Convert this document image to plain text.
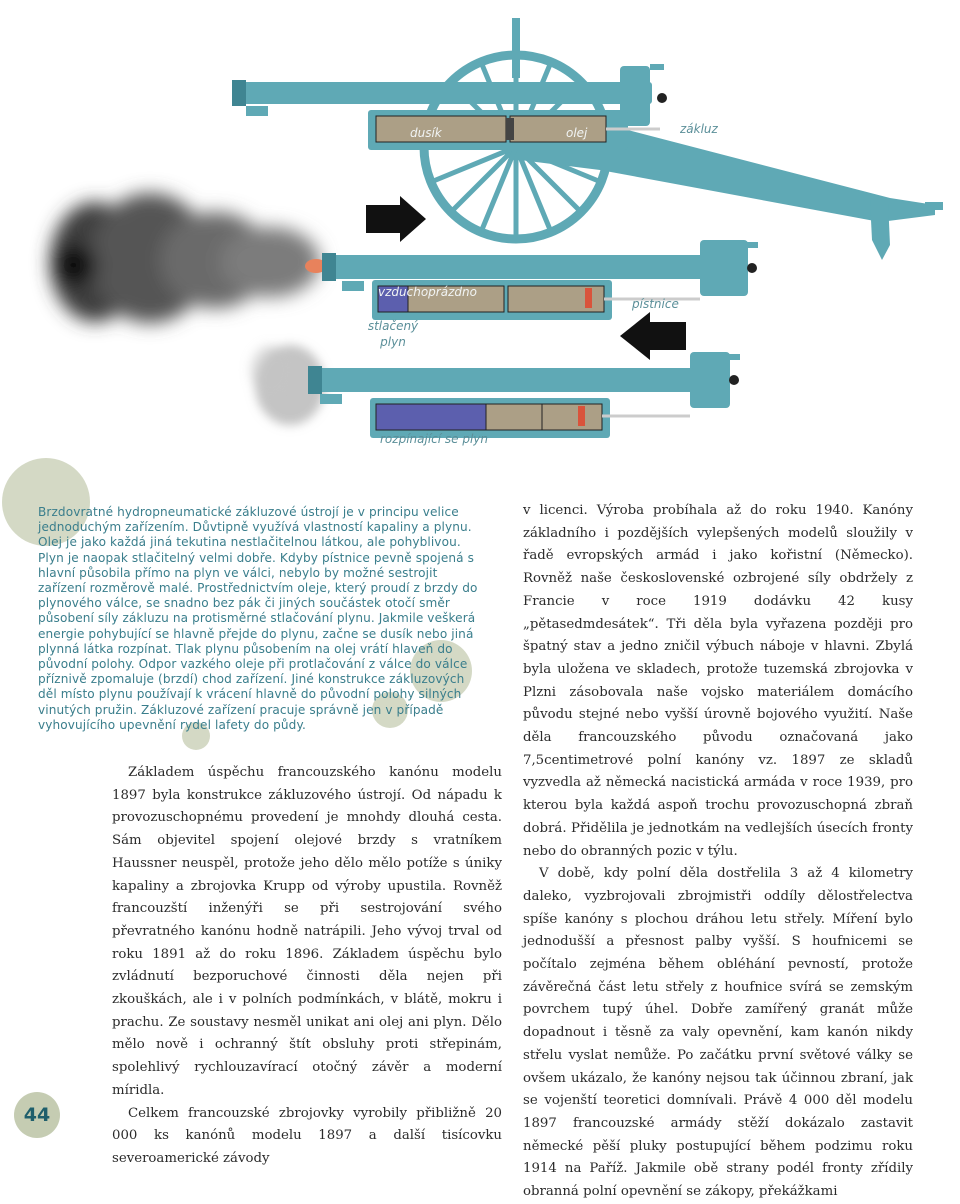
dusík	olej	zákluz
vzduchoprázdno
pístnice
stlačený plyn
rozpínající se plyn
Brzdovratné hydropneumatické zákluzové ústrojí je v principu velice jednoduchým zařízením. Důvtipně využívá vlastností kapaliny a plynu. Olej je jako každá jiná tekutina nestlačitelnou látkou, ale pohyblivou. Plyn je naopak stlačitelný velmi dobře. Kdyby pístnice pevně spojená s hlavní působila přímo na plyn ve válci, nebylo by možné sestrojit zařízení rozměrově malé. Prostřednictvím oleje, který proudí z brzdy do plynového válce, se snadno bez pák či jiných součástek otočí směr působení síly zákluzu na protisměrné stlačování plynu. Jakmile veškerá energie pohybující se hlavně přejde do plynu, začne se dusík nebo jiná plynná látka rozpínat. Tlak plynu působením na olej vrátí hlaveň do původní polohy. Odpor vazkého oleje při protlačování z válce do válce příznivě zpomaluje (brzdí) chod zařízení. Jiné konstrukce zákluzových děl místo plynu používají k vrácení hlavně do původní polohy silných vinutých pružin. Zákluzové zařízení pracuje správně jen v případě vyhovujícího upevnění rydel lafety do půdy.

Základem úspěchu francouzského kanónu modelu 1897 byla konstrukce zákluzového ústrojí. Od nápadu k provozuschopnému provedení je mnohdy dlouhá cesta. Sám objevitel spojení olejové brzdy s vratníkem Haussner neuspěl, protože jeho dělo mělo potíže s úniky kapaliny a zbrojovka Krupp od výroby upustila. Rovněž francouzští inženýři se při sestrojování svého převratného kanónu hodně natrápili. Jeho vývoj trval od roku 1891 až do roku 1896. Základem úspěchu bylo zvládnutí bezporuchové činnosti děla nejen při zkouškách, ale i v polních podmínkách, v blátě, mokru i prachu. Ze soustavy nesměl unikat ani olej ani plyn. Dělo mělo nově i ochranný štít obsluhy proti střepinám, spolehlivý rychlouzavírací otočný závěr a moderní míridla.

Celkem francouzské zbrojovky vyrobily přibližně 20 000 ks kanónů modelu 1897 a další tisícovku severoamerické závody

v licenci. Výroba probíhala až do roku 1940. Kanóny základního i pozdějších vylepšených modelů sloužily v řadě evropských armád i jako kořistní (Německo). Rovněž naše československé ozbrojené síly obdržely z Francie v roce 1919 dodávku 42 kusy „pětasedmdesátek“. Tři děla byla vyřazena později pro špatný stav a jedno zničil výbuch náboje v hlavni. Zbylá byla uložena ve skladech, protože tuzemská zbrojovka v Plzni zásobovala naše vojsko materiálem domácího původu stejné nebo vyšší úrovně bojového využití. Naše děla francouzského původu označovaná jako 7,5centimetrové polní kanóny vz. 1897 ze skladů vyzvedla až německá nacistická armáda v roce 1939, pro kterou byla každá aspoň trochu provozuschopná zbraň dobrá. Přidělila je jednotkám na vedlejších úsecích fronty nebo do obranných pozic v týlu.

V době, kdy polní děla dostřelila 3 až 4 kilometry daleko, vyzbrojovali zbrojmistři oddíly dělostřelectva spíše kanóny s plochou dráhou letu střely. Míření bylo jednodušší a přesnost palby vyšší. S houfnicemi se počítalo zejména během obléhání pevností, protože závěrečná část letu střely z houfnice svírá se zemským povrchem tupý úhel. Dobře zamířený granát může dopadnout i těsně za valy opevnění, kam kanón nikdy střelu vyslat nemůže. Po začátku první světové války se ovšem ukázalo, že kanóny nejsou tak účinnou zbraní, jak se vojenští teoretici domnívali. Právě 4 000 děl modelu 1897 francouzské armády stěží dokázalo zastavit německé pěší pluky postupující během podzimu roku 1914 na Paříž. Jakmile obě strany podél fronty zřídily obranná polní opevnění se zákopy, překážkami

44
